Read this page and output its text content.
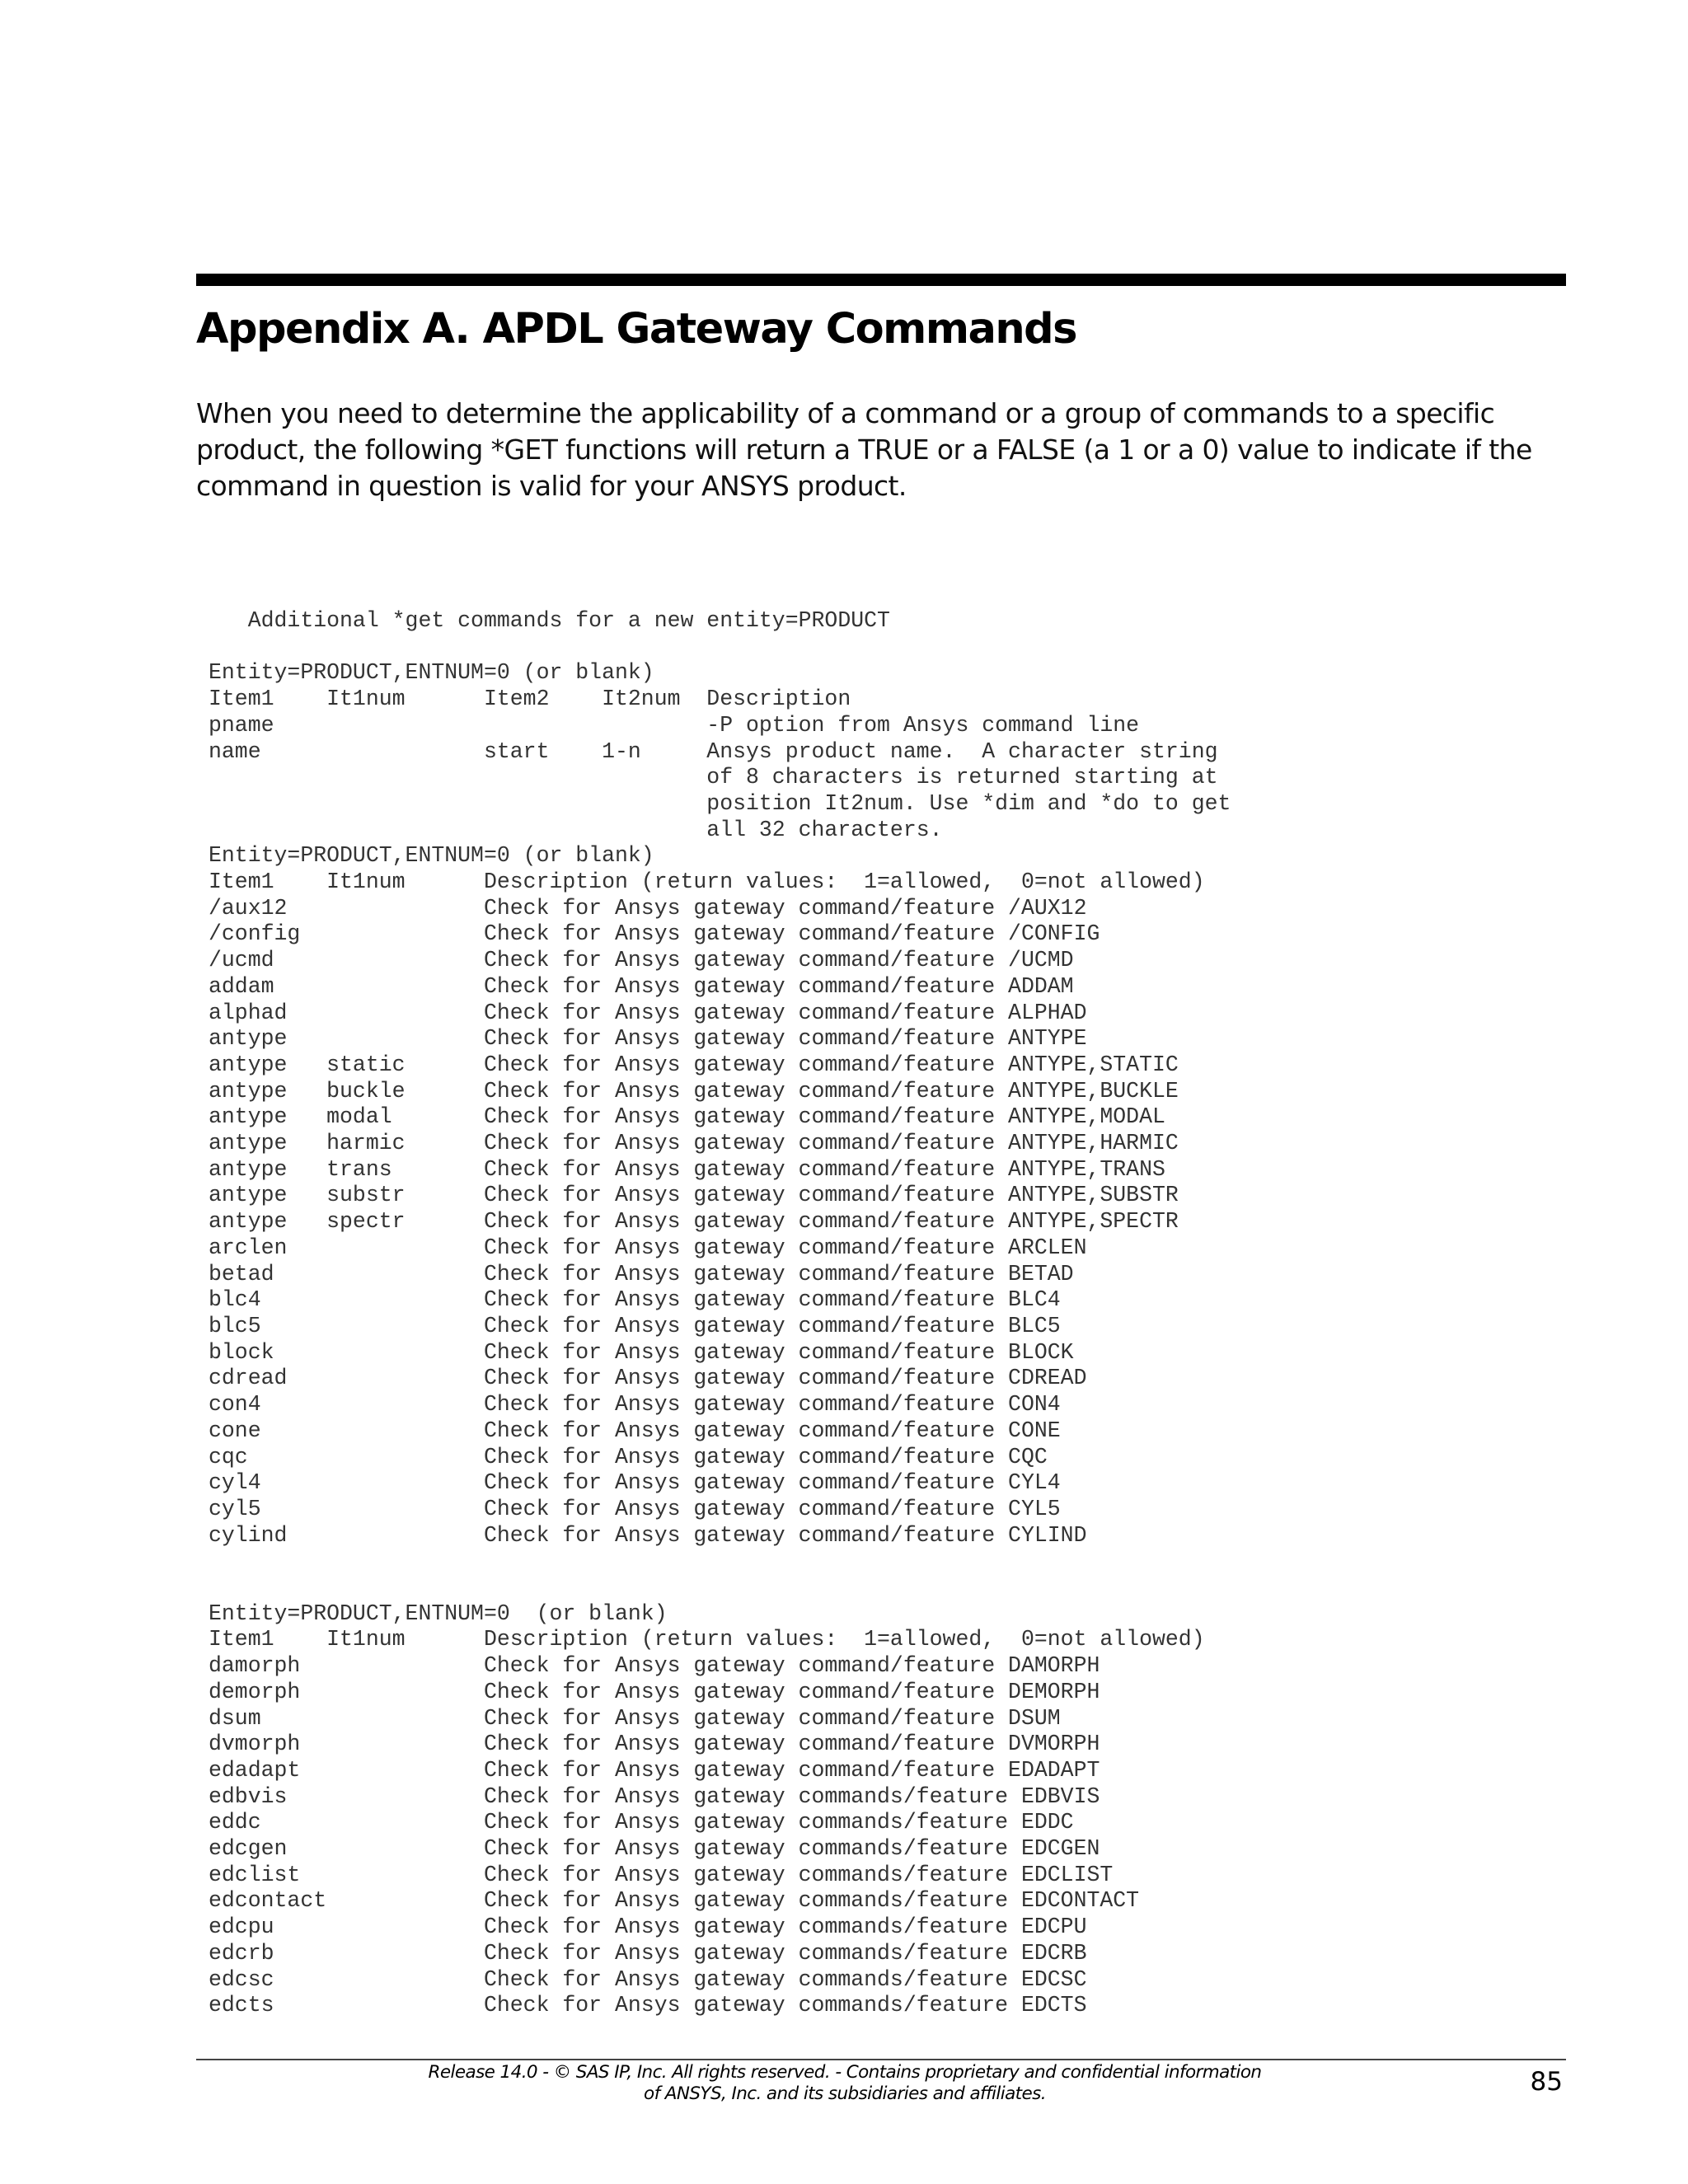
Appendix A. APDL Gateway Commands

When you need to determine the applicability of a command or a group of commands to a specific product, the following *GET functions will return a TRUE or a FALSE (a 1 or a 0) value to indicate if the command in question is valid for your ANSYS product.

Additional *get commands for a new entity=PRODUCT

Entity=PRODUCT,ENTNUM=0 (or blank)
Item1    It1num      Item2    It2num  Description
pname                                 -P option from Ansys command line
name                 start    1-n     Ansys product name.  A character string
of 8 characters is returned starting at
position It2num. Use *dim and *do to get
all 32 characters.
Entity=PRODUCT,ENTNUM=0 (or blank)
Item1    It1num      Description (return values:  1=allowed,  0=not allowed)
/aux12               Check for Ansys gateway command/feature /AUX12
/config              Check for Ansys gateway command/feature /CONFIG
/ucmd                Check for Ansys gateway command/feature /UCMD
addam                Check for Ansys gateway command/feature ADDAM
alphad               Check for Ansys gateway command/feature ALPHAD
antype               Check for Ansys gateway command/feature ANTYPE
antype   static      Check for Ansys gateway command/feature ANTYPE,STATIC
antype   buckle      Check for Ansys gateway command/feature ANTYPE,BUCKLE
antype   modal       Check for Ansys gateway command/feature ANTYPE,MODAL
antype   harmic      Check for Ansys gateway command/feature ANTYPE,HARMIC
antype   trans       Check for Ansys gateway command/feature ANTYPE,TRANS
antype   substr      Check for Ansys gateway command/feature ANTYPE,SUBSTR
antype   spectr      Check for Ansys gateway command/feature ANTYPE,SPECTR
arclen               Check for Ansys gateway command/feature ARCLEN
betad                Check for Ansys gateway command/feature BETAD
blc4                 Check for Ansys gateway command/feature BLC4
blc5                 Check for Ansys gateway command/feature BLC5
block                Check for Ansys gateway command/feature BLOCK
cdread               Check for Ansys gateway command/feature CDREAD
con4                 Check for Ansys gateway command/feature CON4
cone                 Check for Ansys gateway command/feature CONE
cqc                  Check for Ansys gateway command/feature CQC
cyl4                 Check for Ansys gateway command/feature CYL4
cyl5                 Check for Ansys gateway command/feature CYL5
cylind               Check for Ansys gateway command/feature CYLIND

Entity=PRODUCT,ENTNUM=0  (or blank)
Item1    It1num      Description (return values:  1=allowed,  0=not allowed)
damorph              Check for Ansys gateway command/feature DAMORPH
demorph              Check for Ansys gateway command/feature DEMORPH
dsum                 Check for Ansys gateway command/feature DSUM
dvmorph              Check for Ansys gateway command/feature DVMORPH
edadapt              Check for Ansys gateway command/feature EDADAPT
edbvis               Check for Ansys gateway commands/feature EDBVIS
eddc                 Check for Ansys gateway commands/feature EDDC
edcgen               Check for Ansys gateway commands/feature EDCGEN
edclist              Check for Ansys gateway commands/feature EDCLIST
edcontact            Check for Ansys gateway commands/feature EDCONTACT
edcpu                Check for Ansys gateway commands/feature EDCPU
edcrb                Check for Ansys gateway commands/feature EDCRB
edcsc                Check for Ansys gateway commands/feature EDCSC
edcts                Check for Ansys gateway commands/feature EDCTS
Release 14.0 - © SAS IP, Inc. All rights reserved. - Contains proprietary and confidential information
of ANSYS, Inc. and its subsidiaries and affiliates.	85
